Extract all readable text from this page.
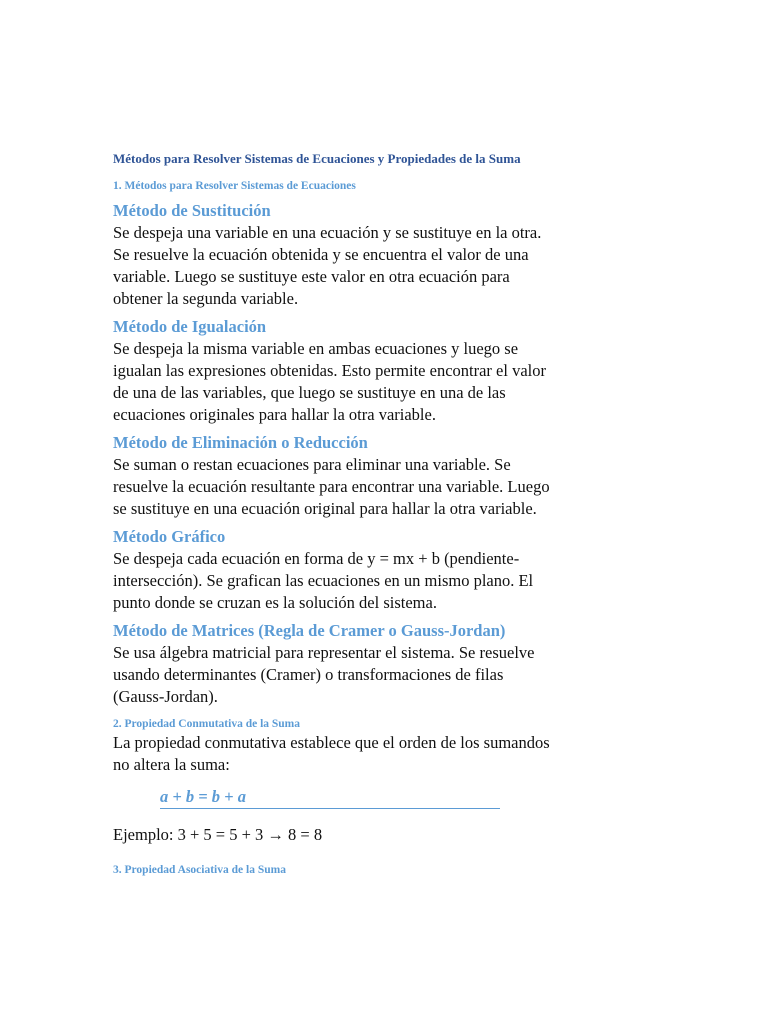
Métodos para Resolver Sistemas de Ecuaciones y Propiedades de la Suma
1. Métodos para Resolver Sistemas de Ecuaciones
Método de Sustitución

Se despeja una variable en una ecuación y se sustituye en la otra. Se resuelve la ecuación obtenida y se encuentra el valor de una variable. Luego se sustituye este valor en otra ecuación para obtener la segunda variable.

Método de Igualación

Se despeja la misma variable en ambas ecuaciones y luego se igualan las expresiones obtenidas. Esto permite encontrar el valor de una de las variables, que luego se sustituye en una de las ecuaciones originales para hallar la otra variable.

Método de Eliminación o Reducción

Se suman o restan ecuaciones para eliminar una variable. Se resuelve la ecuación resultante para encontrar una variable. Luego se sustituye en una ecuación original para hallar la otra variable.

Método Gráfico

Se despeja cada ecuación en forma de y = mx + b (pendiente-intersección). Se grafican las ecuaciones en un mismo plano. El punto donde se cruzan es la solución del sistema.

Método de Matrices (Regla de Cramer o Gauss-Jordan)

Se usa álgebra matricial para representar el sistema. Se resuelve usando determinantes (Cramer) o transformaciones de filas (Gauss-Jordan).

2. Propiedad Conmutativa de la Suma

La propiedad conmutativa establece que el orden de los sumandos no altera la suma:

a + b = b + a

Ejemplo: 3 + 5 = 5 + 3 → 8 = 8

3. Propiedad Asociativa de la Suma
